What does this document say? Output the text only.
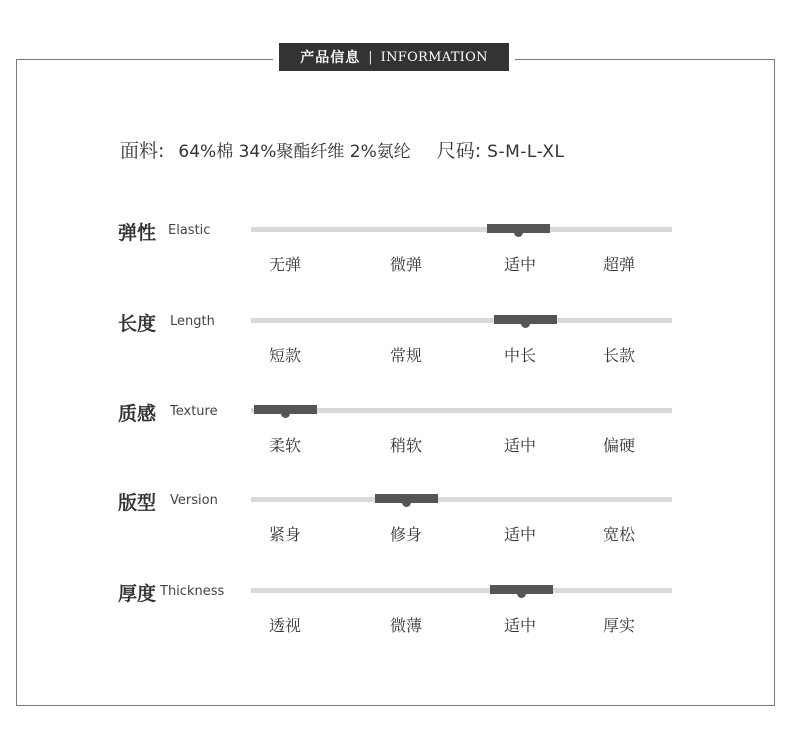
产品信息 | INFORMATION
面料: 64%棉 34%聚酯纤维 2%氨纶 尺码: S-M-L-XL
弹性 Elastic
无弹	微弹	适中	超弹
长度 Length
短款	常规	中长	长款
质感 Texture
柔软	稍软	适中	偏硬
版型 Version
紧身	修身	适中	宽松
厚度 Thickness
透视	微薄	适中	厚实
